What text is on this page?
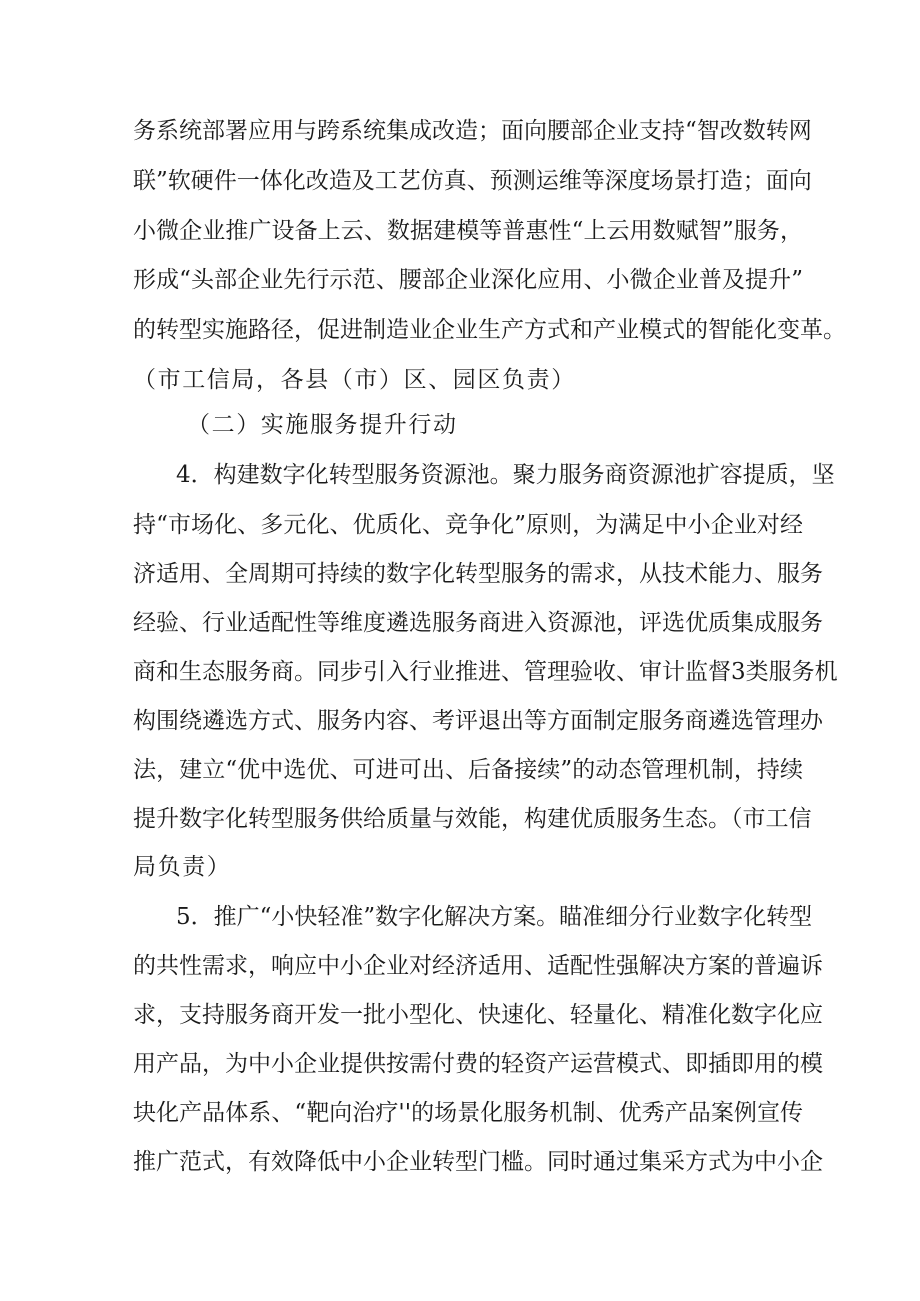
务系统部署应用与跨系统集成改造；面向腰部企业支持“智改数转网
联”软硬件一体化改造及工艺仿真、预测运维等深度场景打造；面向
小微企业推广设备上云、数据建模等普惠性“上云用数赋智”服务，
形成“头部企业先行示范、腰部企业深化应用、小微企业普及提升”
的转型实施路径，促进制造业企业生产方式和产业模式的智能化变革。
（市工信局，各县（市）区、园区负责）
（二）实施服务提升行动
4．构建数字化转型服务资源池。聚力服务商资源池扩容提质，坚
持“市场化、多元化、优质化、竞争化”原则，为满足中小企业对经
济适用、全周期可持续的数字化转型服务的需求，从技术能力、服务
经验、行业适配性等维度遴选服务商进入资源池，评选优质集成服务
商和生态服务商。同步引入行业推进、管理验收、审计监督3类服务机
构围绕遴选方式、服务内容、考评退出等方面制定服务商遴选管理办
法，建立“优中选优、可进可出、后备接续”的动态管理机制，持续
提升数字化转型服务供给质量与效能，构建优质服务生态。（市工信
局负责）
5．推广“小快轻准”数字化解决方案。瞄准细分行业数字化转型
的共性需求，响应中小企业对经济适用、适配性强解决方案的普遍诉
求，支持服务商开发一批小型化、快速化、轻量化、精准化数字化应
用产品，为中小企业提供按需付费的轻资产运营模式、即插即用的模
块化产品体系、“靶向治疗''的场景化服务机制、优秀产品案例宣传
推广范式，有效降低中小企业转型门槛。同时通过集采方式为中小企
